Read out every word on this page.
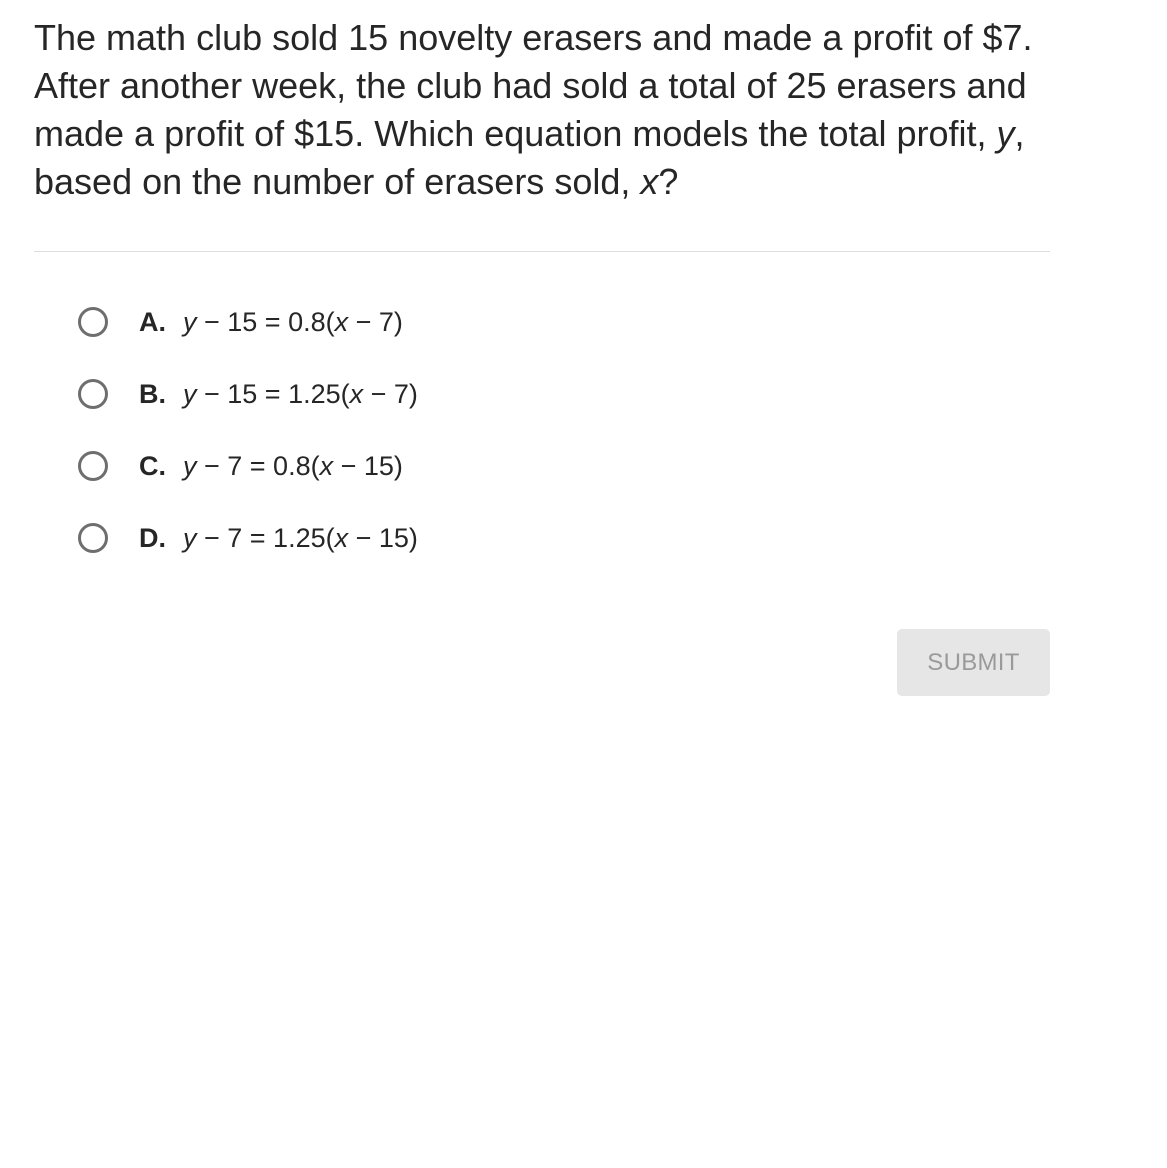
The math club sold 15 novelty erasers and made a profit of $7. After another week, the club had sold a total of 25 erasers and made a profit of $15. Which equation models the total profit, y, based on the number of erasers sold, x?

A. y − 15 = 0.8(x − 7)
B. y − 15 = 1.25(x − 7)
C. y − 7 = 0.8(x − 15)
D. y − 7 = 1.25(x − 15)
SUBMIT
